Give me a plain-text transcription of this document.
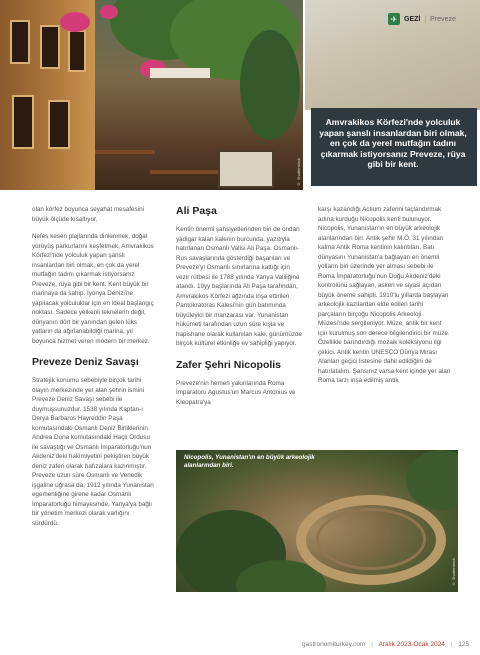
© Shutterstock
Amvrakikos Körfezi'nde yolculuk yapan şanslı insanlardan biri olmak, en çok da yerel mutfağın tadını çıkarmak istiyorsanız Preveze, rüya gibi bir kent.
✈ GEZİ | Preveze

olan körfez boyunca seyahat mesafesini büyük ölçüde kısaltıyor.

Nefes kesen plajlarında dinlenmek, doğal yürüyüş parkurlarını keşfetmek, Amvrakikos Körfezi'nde yolculuk yapan şanslı insanlardan biri olmak, en çok da yerel mutfağın tadını çıkarmak istiyorsanız Preveze, rüya gibi bir kent. Kent büyük bir marinaya da sahip. İyonya Denizi'ne yapılacak yolculuklar için en ideal başlangıç noktası. Sadece yelkenli teknelerin değil, dünyanın dört bir yanından gelen lüks yatların da ağırlanabildiği marina, yıl boyunca hizmet veren modern bir merkez.

Preveze Deniz Savaşı

Stratejik konumu sebebiyle birçok tarihi olayın merkezinde yer alan şehrin ismini Preveze Deniz Savaşı sebebi ile duymuşsunuzdur. 1538 yılında Kaptan-ı Derya Barbaros Hayreddin Paşa komutasındaki Osmanlı Deniz Birliklerinin Andrea Doria komutasındaki Haçlı Ordusu ile savaştığı ve Osmanlı İmparatorluğu'nun Akdeniz'deki hakimiyetini pekiştiren büyük deniz zaferi olarak hafızalara kazınmıştır. Preveze uzun süre Osmanlı ve Venedik işgaline uğrasa da, 1912 yılında Yunanistan egemenliğine girene kadar Osmanlı İmparatorluğu himayesinde, Yanya'ya bağlı bir yönetim merkezi olarak varlığını sürdürdü.

Ali Paşa

Kentin önemli şahsiyetlerinden biri de ondan yadigar kalan kalenin burcunda, yazıtıyla hatırlanan Osmanlı Valisi Ali Paşa. Osmanlı-Rus savaşlarında gösterdiği başarıları ve Preveze'yi Osmanlı sınırlarına kattığı için vezir rütbesi ile 1788 yılında Yanya Valiliğine atandı. 19yy başlarında Ali Paşa tarafından, Amvrakikos Körfezi ağzında inşa ettirilen Pantokratoras Kalesi'nin gün batımında büyüleyici bir manzarası var. Yunanistan hükümeti tarafından uzun süre kışla ve hapishane olarak kullanılan kale, günümüzde birçok kültürel etkinliğe ev sahipliği yapıyor.

Zafer Şehri Nicopolis

Preveze'nin hemen yakınlarında Roma İmparatoru Agustus'un Marcus Antonius ve Kleopatra'ya

karşı kazandığı Actium zaferini taçlandırmak adına kurduğu Nicopolis kenti bulunuyor. Nicopolis, Yunanistan'ın en büyük arkeolojik alanlarından biri. Antik şehir M.Ö. 31 yılından kalma Antik Roma kentinin kalıntıları. Batı dünyasını Yunanistan'a bağlayan en önemli yolların biri üzerinde yer alması sebebi ile Roma İmparatorluğu'nun Doğu Akdeniz'deki kontrolünü sağlayan, askeri ve siyasi açıdan büyük öneme sahipti. 1910'lu yıllarda başlayan arkeolojik kazılardan elde edilen tarihi parçaların birçoğu Nicopolis Arkeoloji Müzesi'nde sergileniyor. Müze, antik bir kent için kurulmuş son derece bilgilendirici bir müze. Özellikle barındırdığı mozaik koleksiyonu ilgi çekici. Antik kentin UNESCO Dünya Mirası Alanları geçici listesine dahil edildiğini de hatırlatalım. Şansınız varsa kent içinde yer alan Roma tarzı inşa edilmiş antik

Nicopolis, Yunanistan'ın en büyük arkeolojik alanlarından biri.
© Shutterstock
gastronomiturkey.com | Aralık 2023-Ocak 2024 | 125
